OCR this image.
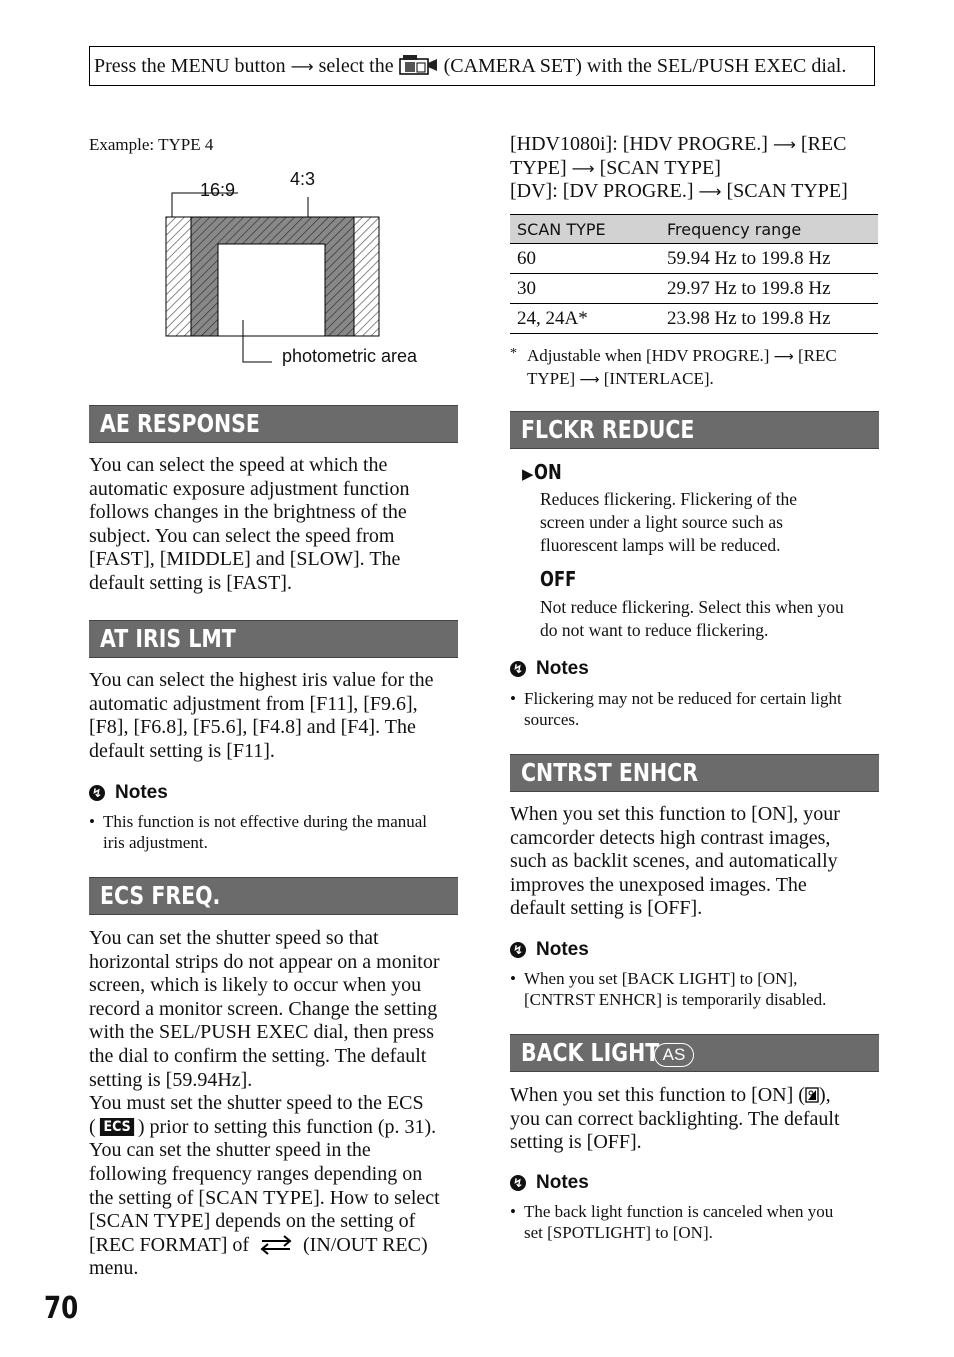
Press the MENU button ⟶ select the	(CAMERA SET) with the SEL/PUSH EXEC dial.
Example: TYPE 4
16:9
4:3
photometric area
AE RESPONSE
You can select the speed at which the
automatic exposure adjustment function
follows changes in the brightness of the
subject. You can select the speed from
[FAST], [MIDDLE] and [SLOW]. The
default setting is [FAST].
AT IRIS LMT
You can select the highest iris value for the
automatic adjustment from [F11], [F9.6],
[F8], [F6.8], [F5.6], [F4.8] and [F4]. The
default setting is [F11].
↯ Notes
• This function is not effective during the manual
iris adjustment.
ECS FREQ.
You can set the shutter speed so that
horizontal strips do not appear on a monitor
screen, which is likely to occur when you
record a monitor screen. Change the setting
with the SEL/PUSH EXEC dial, then press
the dial to confirm the setting. The default
setting is [59.94Hz].
You must set the shutter speed to the ECS
( ECS ) prior to setting this function (p. 31).
You can set the shutter speed in the
following frequency ranges depending on
the setting of [SCAN TYPE]. How to select
[SCAN TYPE] depends on the setting of
[REC FORMAT] of	(IN/OUT REC)
menu.
[HDV1080i]: [HDV PROGRE.] ⟶ [REC
TYPE] ⟶ [SCAN TYPE]
[DV]: [DV PROGRE.] ⟶ [SCAN TYPE]
SCAN TYPE	Frequency range
60	59.94 Hz to 199.8 Hz
30	29.97 Hz to 199.8 Hz
24, 24A*	23.98 Hz to 199.8 Hz
* Adjustable when [HDV PROGRE.] ⟶ [REC
TYPE] ⟶ [INTERLACE].
FLCKR REDUCE
▶ON
Reduces flickering. Flickering of the
screen under a light source such as
fluorescent lamps will be reduced.
OFF
Not reduce flickering. Select this when you
do not want to reduce flickering.
↯ Notes
• Flickering may not be reduced for certain light
sources.
CNTRST ENHCR
When you set this function to [ON], your
camcorder detects high contrast images,
such as backlit scenes, and automatically
improves the unexposed images. The
default setting is [OFF].
↯ Notes
• When you set [BACK LIGHT] to [ON],
[CNTRST ENHCR] is temporarily disabled.
BACK LIGHT AS
When you set this function to [ON] ( ),
you can correct backlighting. The default
setting is [OFF].
↯ Notes
• The back light function is canceled when you
set [SPOTLIGHT] to [ON].
70
